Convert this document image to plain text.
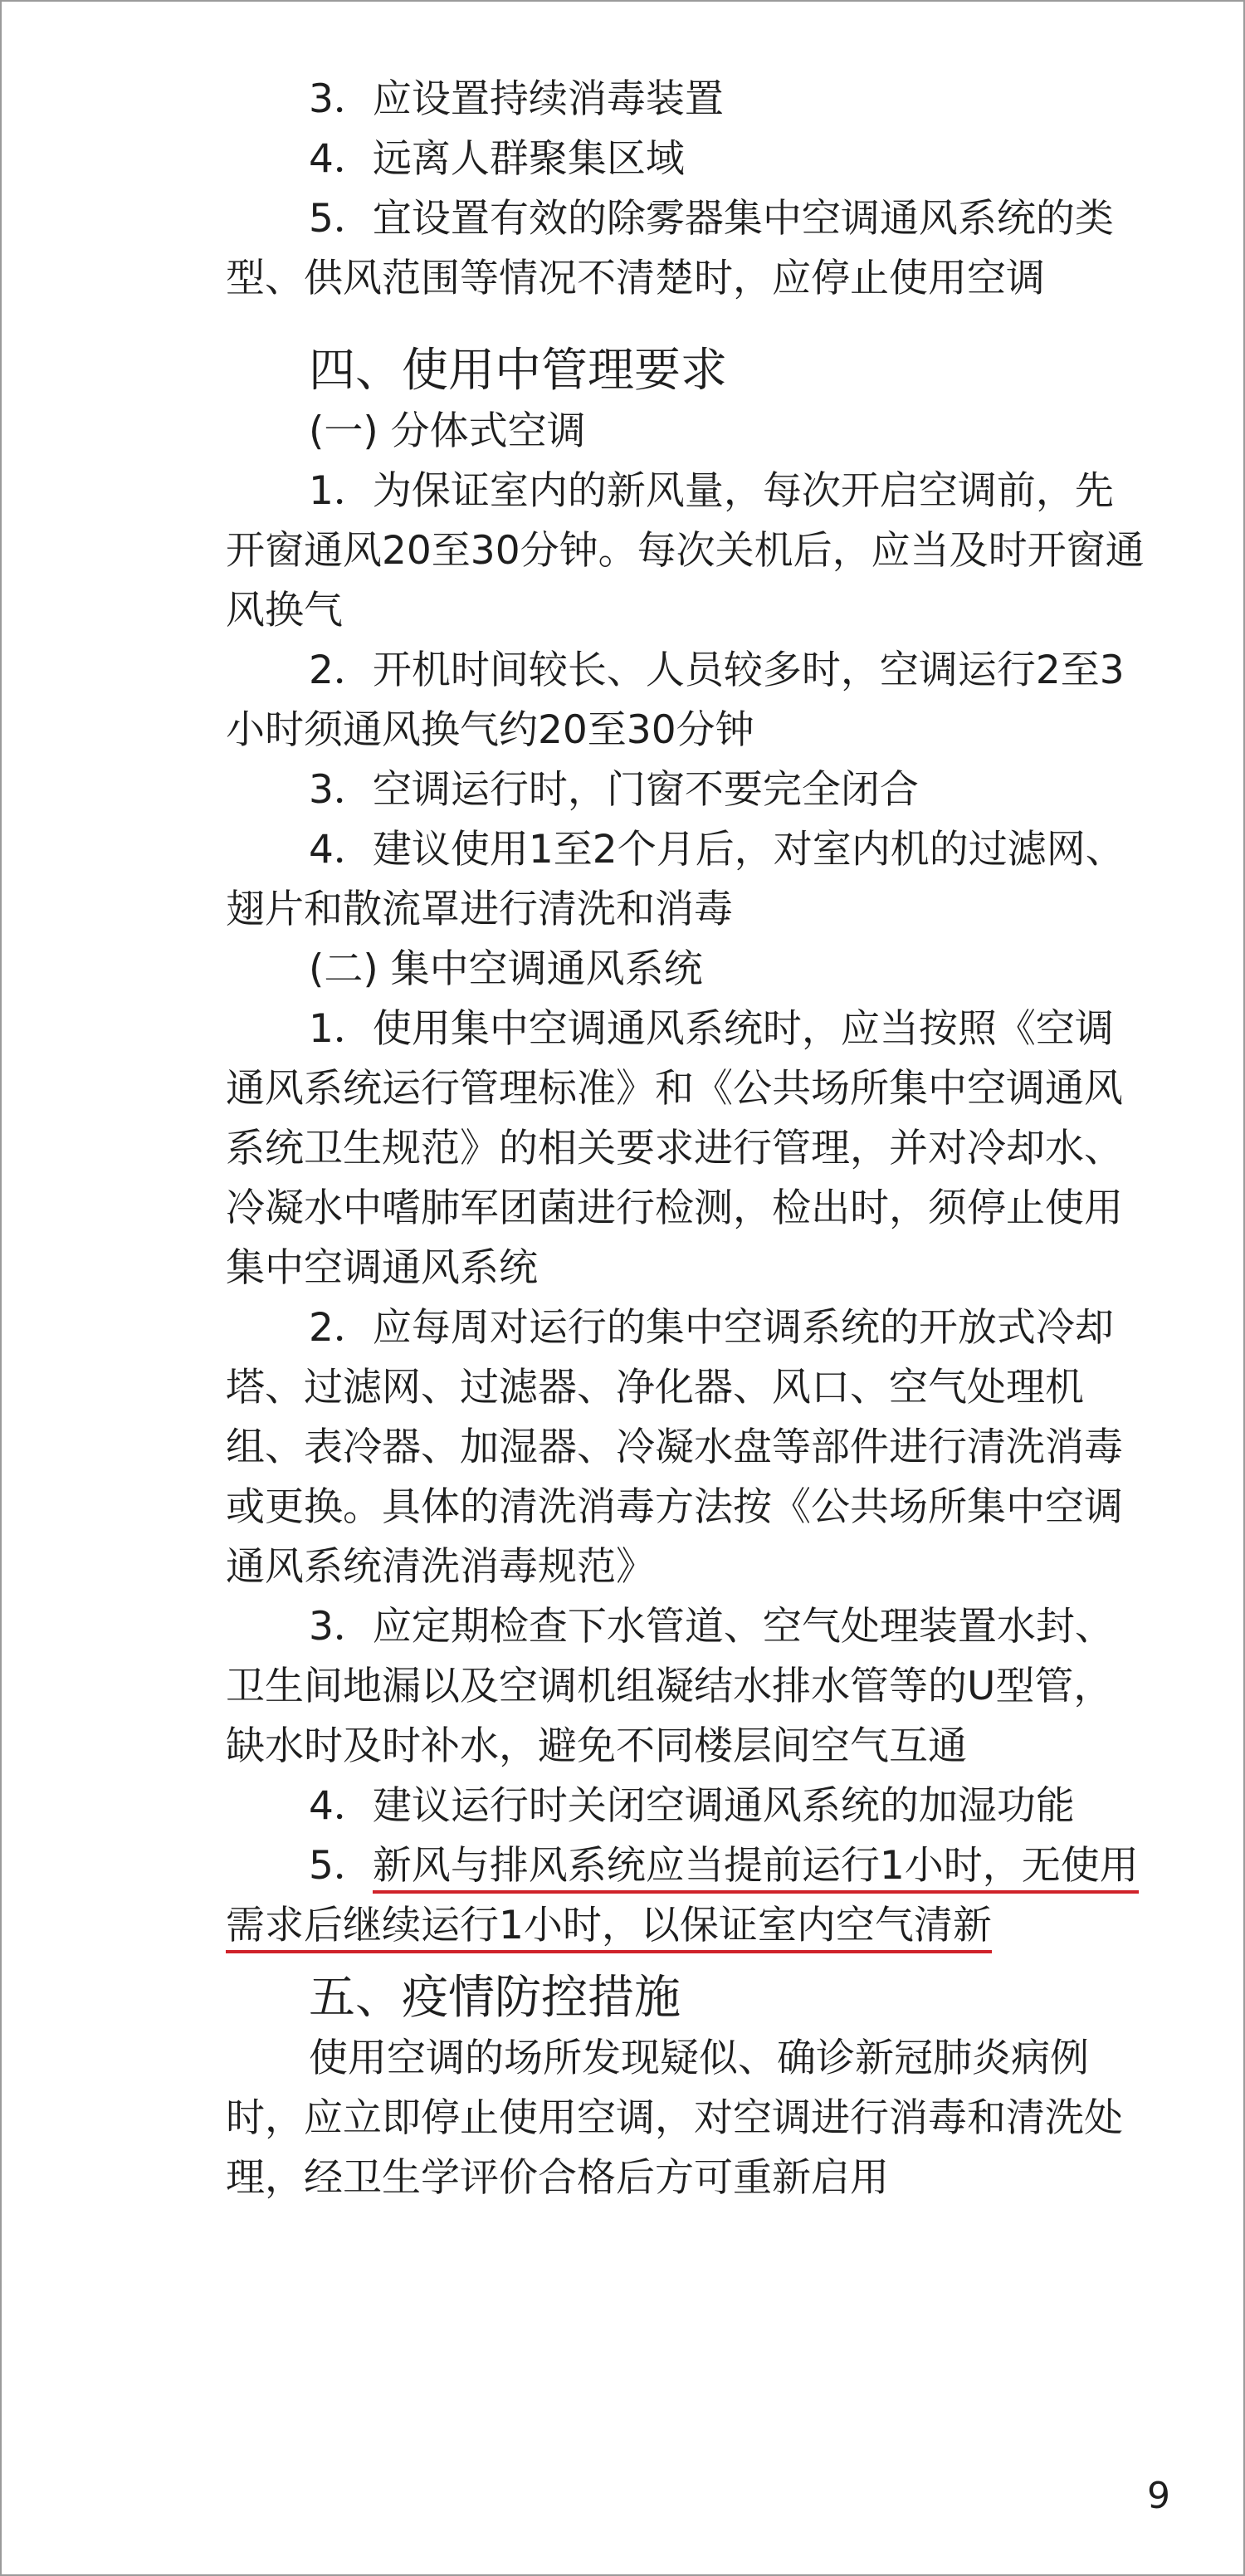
3．应设置持续消毒装置
4．远离人群聚集区域
5．宜设置有效的除雾器集中空调通风系统的类
型、供风范围等情况不清楚时，应停止使用空调
四、使用中管理要求
(一) 分体式空调
1．为保证室内的新风量，每次开启空调前，先
开窗通风20至30分钟。每次关机后，应当及时开窗通
风换气
2．开机时间较长、人员较多时，空调运行2至3
小时须通风换气约20至30分钟
3．空调运行时，门窗不要完全闭合
4．建议使用1至2个月后，对室内机的过滤网、
翅片和散流罩进行清洗和消毒
(二) 集中空调通风系统
1．使用集中空调通风系统时，应当按照《空调
通风系统运行管理标准》和《公共场所集中空调通风
系统卫生规范》的相关要求进行管理，并对冷却水、
冷凝水中嗜肺军团菌进行检测，检出时，须停止使用
集中空调通风系统
2．应每周对运行的集中空调系统的开放式冷却
塔、过滤网、过滤器、净化器、风口、空气处理机
组、表冷器、加湿器、冷凝水盘等部件进行清洗消毒
或更换。具体的清洗消毒方法按《公共场所集中空调
通风系统清洗消毒规范》
3．应定期检查下水管道、空气处理装置水封、
卫生间地漏以及空调机组凝结水排水管等的U型管，
缺水时及时补水，避免不同楼层间空气互通
4．建议运行时关闭空调通风系统的加湿功能
5．新风与排风系统应当提前运行1小时，无使用
需求后继续运行1小时，以保证室内空气清新
五、疫情防控措施
使用空调的场所发现疑似、确诊新冠肺炎病例
时，应立即停止使用空调，对空调进行消毒和清洗处
理，经卫生学评价合格后方可重新启用
9
